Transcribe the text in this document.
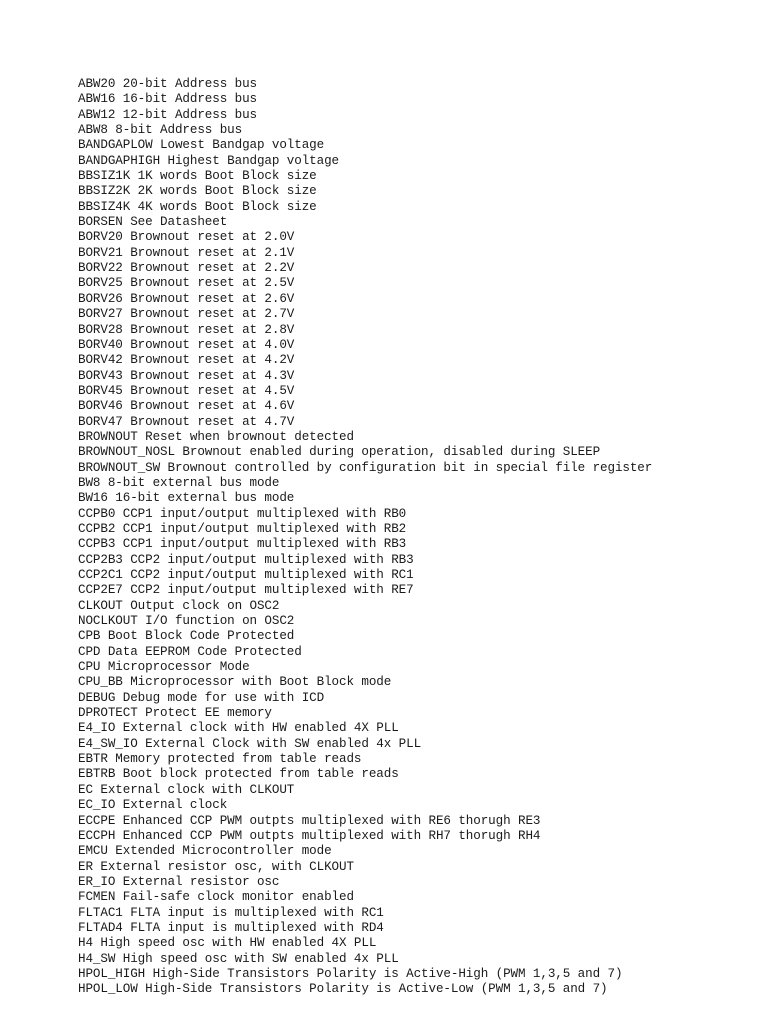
ABW20 20-bit Address bus
ABW16 16-bit Address bus
ABW12 12-bit Address bus
ABW8 8-bit Address bus
BANDGAPLOW Lowest Bandgap voltage
BANDGAPHIGH Highest Bandgap voltage
BBSIZ1K 1K words Boot Block size
BBSIZ2K 2K words Boot Block size
BBSIZ4K 4K words Boot Block size
BORSEN See Datasheet
BORV20 Brownout reset at 2.0V
BORV21 Brownout reset at 2.1V
BORV22 Brownout reset at 2.2V
BORV25 Brownout reset at 2.5V
BORV26 Brownout reset at 2.6V
BORV27 Brownout reset at 2.7V
BORV28 Brownout reset at 2.8V
BORV40 Brownout reset at 4.0V
BORV42 Brownout reset at 4.2V
BORV43 Brownout reset at 4.3V
BORV45 Brownout reset at 4.5V
BORV46 Brownout reset at 4.6V
BORV47 Brownout reset at 4.7V
BROWNOUT Reset when brownout detected
BROWNOUT_NOSL Brownout enabled during operation, disabled during SLEEP
BROWNOUT_SW Brownout controlled by configuration bit in special file register
BW8 8-bit external bus mode
BW16 16-bit external bus mode
CCPB0 CCP1 input/output multiplexed with RB0
CCPB2 CCP1 input/output multiplexed with RB2
CCPB3 CCP1 input/output multiplexed with RB3
CCP2B3 CCP2 input/output multiplexed with RB3
CCP2C1 CCP2 input/output multiplexed with RC1
CCP2E7 CCP2 input/output multiplexed with RE7
CLKOUT Output clock on OSC2
NOCLKOUT I/O function on OSC2
CPB Boot Block Code Protected
CPD Data EEPROM Code Protected
CPU Microprocessor Mode
CPU_BB Microprocessor with Boot Block mode
DEBUG Debug mode for use with ICD
DPROTECT Protect EE memory
E4_IO External clock with HW enabled 4X PLL
E4_SW_IO External Clock with SW enabled 4x PLL
EBTR Memory protected from table reads
EBTRB Boot block protected from table reads
EC External clock with CLKOUT
EC_IO External clock
ECCPE Enhanced CCP PWM outpts multiplexed with RE6 thorugh RE3
ECCPH Enhanced CCP PWM outpts multiplexed with RH7 thorugh RH4
EMCU Extended Microcontroller mode
ER External resistor osc, with CLKOUT
ER_IO External resistor osc
FCMEN Fail-safe clock monitor enabled
FLTAC1 FLTA input is multiplexed with RC1
FLTAD4 FLTA input is multiplexed with RD4
H4 High speed osc with HW enabled 4X PLL
H4_SW High speed osc with SW enabled 4x PLL
HPOL_HIGH High-Side Transistors Polarity is Active-High (PWM 1,3,5 and 7)
HPOL_LOW High-Side Transistors Polarity is Active-Low (PWM 1,3,5 and 7)
